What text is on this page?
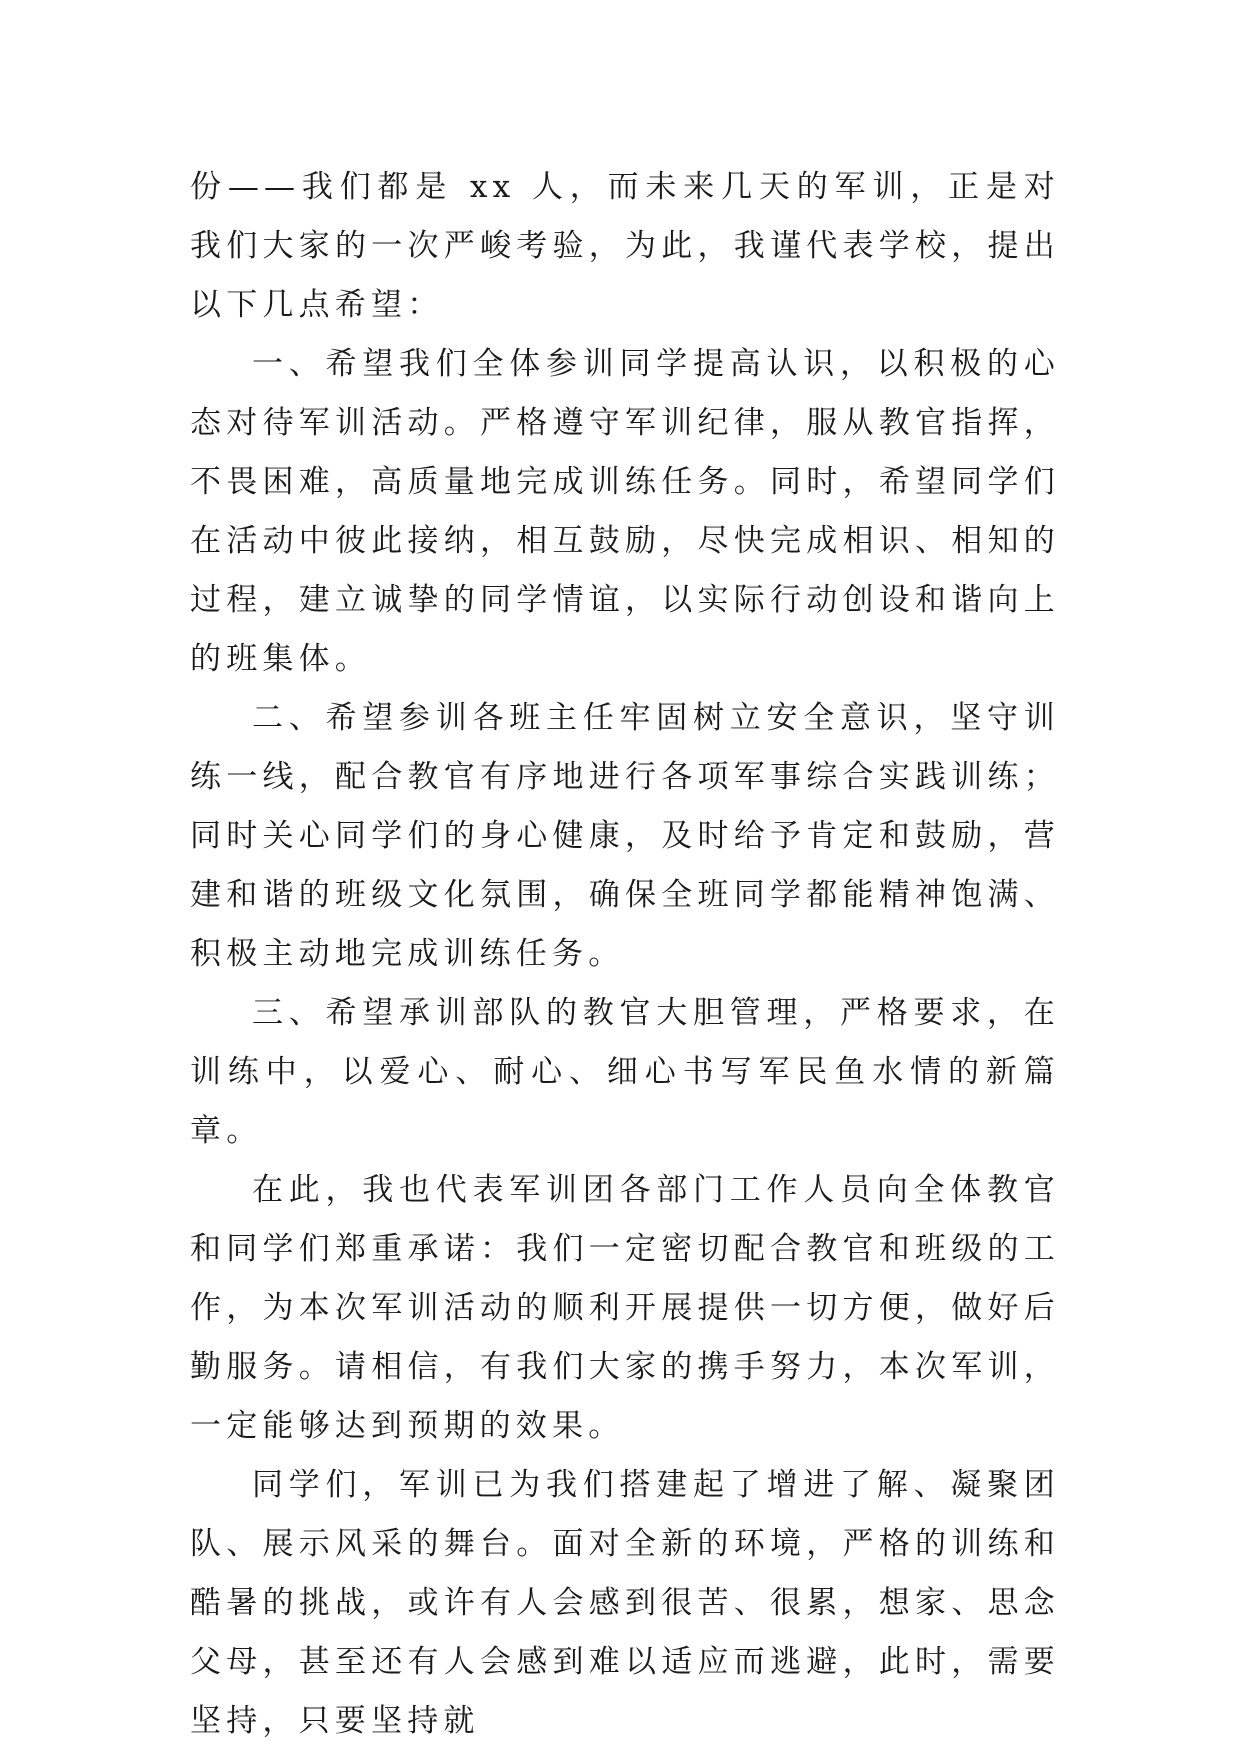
份——我们都是 xx 人，而未来几天的军训，正是对我们大家的一次严峻考验，为此，我谨代表学校，提出以下几点希望：

一、希望我们全体参训同学提高认识，以积极的心态对待军训活动。严格遵守军训纪律，服从教官指挥，不畏困难，高质量地完成训练任务。同时，希望同学们在活动中彼此接纳，相互鼓励，尽快完成相识、相知的过程，建立诚挚的同学情谊，以实际行动创设和谐向上的班集体。

二、希望参训各班主任牢固树立安全意识，坚守训练一线，配合教官有序地进行各项军事综合实践训练；同时关心同学们的身心健康，及时给予肯定和鼓励，营建和谐的班级文化氛围，确保全班同学都能精神饱满、积极主动地完成训练任务。

三、希望承训部队的教官大胆管理，严格要求，在训练中，以爱心、耐心、细心书写军民鱼水情的新篇章。

在此，我也代表军训团各部门工作人员向全体教官和同学们郑重承诺：我们一定密切配合教官和班级的工作，为本次军训活动的顺利开展提供一切方便，做好后勤服务。请相信，有我们大家的携手努力，本次军训，一定能够达到预期的效果。

同学们，军训已为我们搭建起了增进了解、凝聚团队、展示风采的舞台。面对全新的环境，严格的训练和酷暑的挑战，或许有人会感到很苦、很累，想家、思念父母，甚至还有人会感到难以适应而逃避，此时，需要坚持，只要坚持就
